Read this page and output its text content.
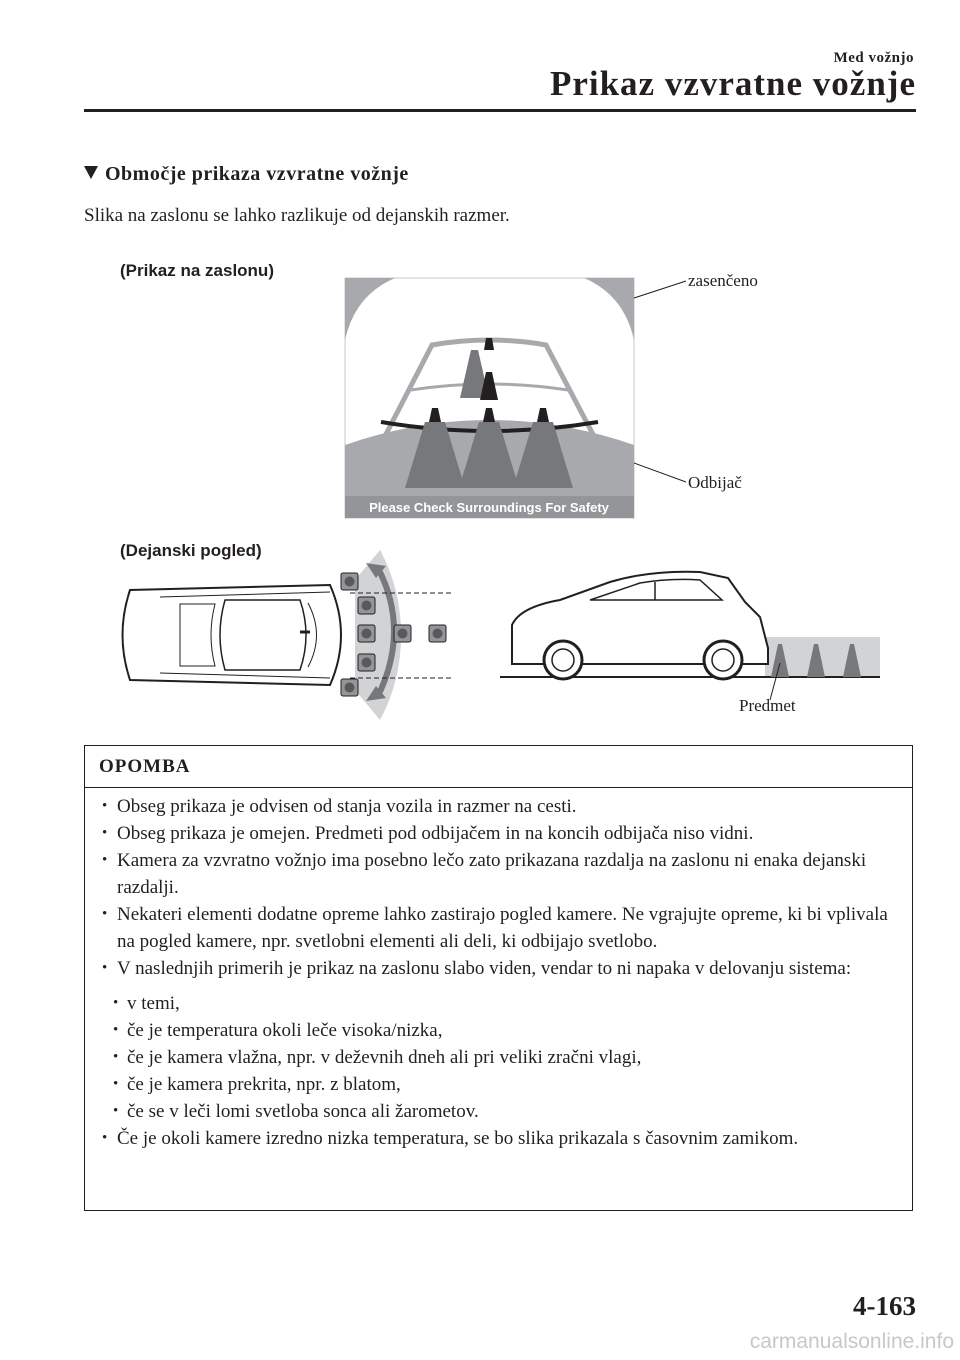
Med vožnjo
Prikaz vzvratne vožnje
Območje prikaza vzvratne vožnje
Slika na zaslonu se lahko razlikuje od dejanskih razmer.
(Prikaz na zaslonu)
zasenčeno
Odbijač
(Dejanski pogled)
Predmet
Please Check Surroundings For Safety
OPOMBA
• Obseg prikaza je odvisen od stanja vozila in razmer na cesti.
• Obseg prikaza je omejen. Predmeti pod odbijačem in na koncih odbijača niso vidni.
• Kamera za vzvratno vožnjo ima posebno lečo zato prikazana razdalja na zaslonu ni enaka dejanski razdalji.
• Nekateri elementi dodatne opreme lahko zastirajo pogled kamere. Ne vgrajujte opreme, ki bi vplivala na pogled kamere, npr. svetlobni elementi ali deli, ki odbijajo svetlobo.
• V naslednjih primerih je prikaz na zaslonu slabo viden, vendar to ni napaka v delovanju sistema:
• v temi,
• če je temperatura okoli leče visoka/nizka,
• če je kamera vlažna, npr. v deževnih dneh ali pri veliki zračni vlagi,
• če je kamera prekrita, npr. z blatom,
• če se v leči lomi svetloba sonca ali žarometov.
• Če je okoli kamere izredno nizka temperatura, se bo slika prikazala s časovnim zamikom.
4-163
carmanualsonline.info
